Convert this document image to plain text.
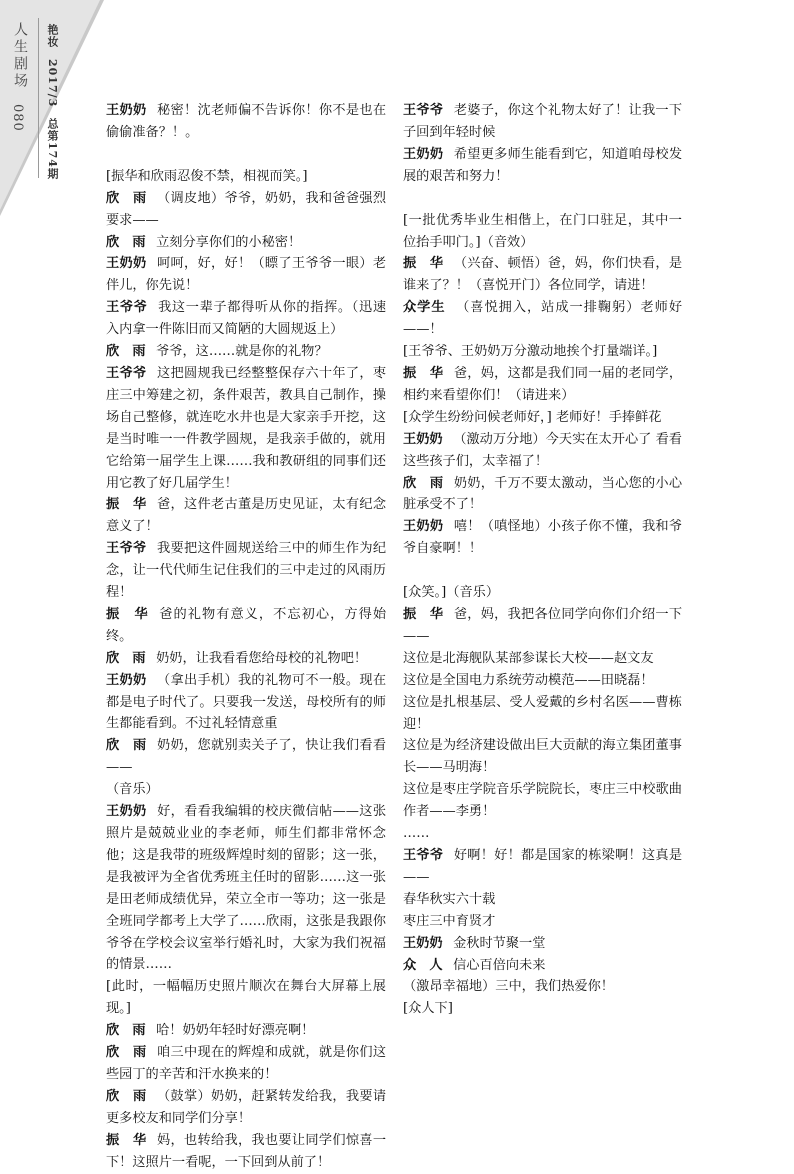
人生剧场
080
艳妆 2017/3 总第174期

王奶奶 秘密！沈老师偏不告诉你！你不是也在偷偷准备？！。

[振华和欣雨忍俊不禁，相视而笑。]

欣　雨 （调皮地）爷爷，奶奶，我和爸爸强烈要求——

欣　雨 立刻分享你们的小秘密！

王奶奶 呵呵，好，好！（瞟了王爷爷一眼）老伴儿，你先说！

王爷爷 我这一辈子都得听从你的指挥。（迅速入内拿一件陈旧而又简陋的大圆规返上）

欣　雨 爷爷，这……就是你的礼物？

王爷爷 这把圆规我已经整整保存六十年了，枣庄三中筹建之初，条件艰苦，教具自己制作，操场自己整修，就连吃水井也是大家亲手开挖，这是当时唯一一件教学圆规，是我亲手做的，就用它给第一届学生上课……我和教研组的同事们还用它教了好几届学生！

振　华 爸，这件老古董是历史见证，太有纪念意义了！

王爷爷 我要把这件圆规送给三中的师生作为纪念，让一代代师生记住我们的三中走过的风雨历程！

振　华 爸的礼物有意义，不忘初心，方得始终。

欣　雨 奶奶，让我看看您给母校的礼物吧！

王奶奶 （拿出手机）我的礼物可不一般。现在都是电子时代了。只要我一发送，母校所有的师生都能看到。不过礼轻情意重

欣　雨 奶奶，您就别卖关子了，快让我们看看——

（音乐）

王奶奶 好，看看我编辑的校庆微信帖——这张照片是兢兢业业的李老师，师生们都非常怀念他；这是我带的班级辉煌时刻的留影；这一张，是我被评为全省优秀班主任时的留影……这一张是田老师成绩优异，荣立全市一等功；这一张是全班同学都考上大学了……欣雨，这张是我跟你爷爷在学校会议室举行婚礼时，大家为我们祝福的情景……

[此时，一幅幅历史照片顺次在舞台大屏幕上展现。]

欣　雨 哈！奶奶年轻时好漂亮啊！

欣　雨 咱三中现在的辉煌和成就，就是你们这些园丁的辛苦和汗水换来的！

欣　雨 （鼓掌）奶奶，赶紧转发给我，我要请更多校友和同学们分享！

振　华 妈，也转给我，我也要让同学们惊喜一下！这照片一看呢，一下回到从前了！

王爷爷 老婆子，你这个礼物太好了！让我一下子回到年轻时候

王奶奶 希望更多师生能看到它，知道咱母校发展的艰苦和努力！

[一批优秀毕业生相偕上，在门口驻足，其中一位抬手叩门。]（音效）

振　华 （兴奋、顿悟）爸，妈，你们快看，是谁来了？！（喜悦开门）各位同学，请进！

众学生 （喜悦拥入，站成一排鞠躬）老师好——！

[王爷爷、王奶奶万分激动地挨个打量端详。]

振　华 爸，妈，这都是我们同一届的老同学，相约来看望你们！（请进来）

[众学生纷纷问候老师好，] 老师好！手捧鲜花

王奶奶 （激动万分地）今天实在太开心了 看看这些孩子们，太幸福了！

欣　雨 奶奶，千万不要太激动，当心您的小心脏承受不了！

王奶奶 嘻！（嗔怪地）小孩子你不懂，我和爷爷自豪啊！！

[众笑。]（音乐）

振　华 爸，妈，我把各位同学向你们介绍一下——

这位是北海舰队某部参谋长大校——赵文友

这位是全国电力系统劳动模范——田晓磊！

这位是扎根基层、受人爱戴的乡村名医——曹栋迎！

这位是为经济建设做出巨大贡献的海立集团董事长——马明海！

这位是枣庄学院音乐学院院长，枣庄三中校歌曲作者——李勇！

……

王爷爷 好啊！好！都是国家的栋梁啊！这真是——

春华秋实六十载

枣庄三中育贤才

王奶奶 金秋时节聚一堂

众　人 信心百倍向未来

（激昂幸福地）三中，我们热爱你！

[众人下]
